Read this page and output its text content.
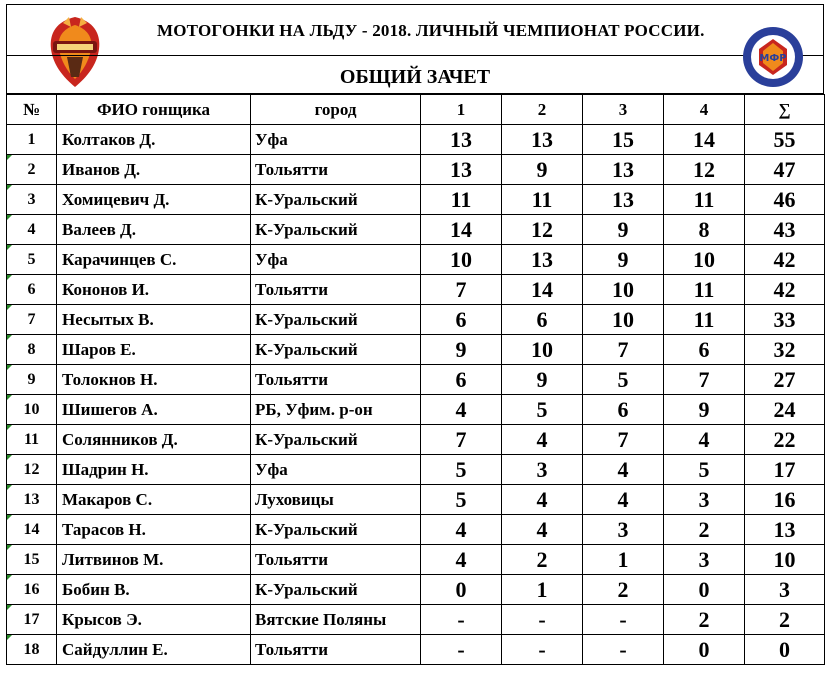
МОТОГОНКИ НА ЛЬДУ - 2018. ЛИЧНЫЙ ЧЕМПИОНАТ РОССИИ.
ОБЩИЙ ЗАЧЕТ
МФР
№	ФИО гонщика	город	1	2	3	4	∑
1	Колтаков Д.	Уфа	13	13	15	14	55
2	Иванов Д.	Тольятти	13	9	13	12	47
3	Хомицевич Д.	К-Уральский	11	11	13	11	46
4	Валеев Д.	К-Уральский	14	12	9	8	43
5	Карачинцев С.	Уфа	10	13	9	10	42
6	Кононов И.	Тольятти	7	14	10	11	42
7	Несытых В.	К-Уральский	6	6	10	11	33
8	Шаров Е.	К-Уральский	9	10	7	6	32
9	Толокнов Н.	Тольятти	6	9	5	7	27
10	Шишегов А.	РБ, Уфим. р-он	4	5	6	9	24
11	Солянников Д.	К-Уральский	7	4	7	4	22
12	Шадрин Н.	Уфа	5	3	4	5	17
13	Макаров С.	Луховицы	5	4	4	3	16
14	Тарасов Н.	К-Уральский	4	4	3	2	13
15	Литвинов М.	Тольятти	4	2	1	3	10
16	Бобин В.	К-Уральский	0	1	2	0	3
17	Крысов Э.	Вятские Поляны	-	-	-	2	2
18	Сайдуллин Е.	Тольятти	-	-	-	0	0
